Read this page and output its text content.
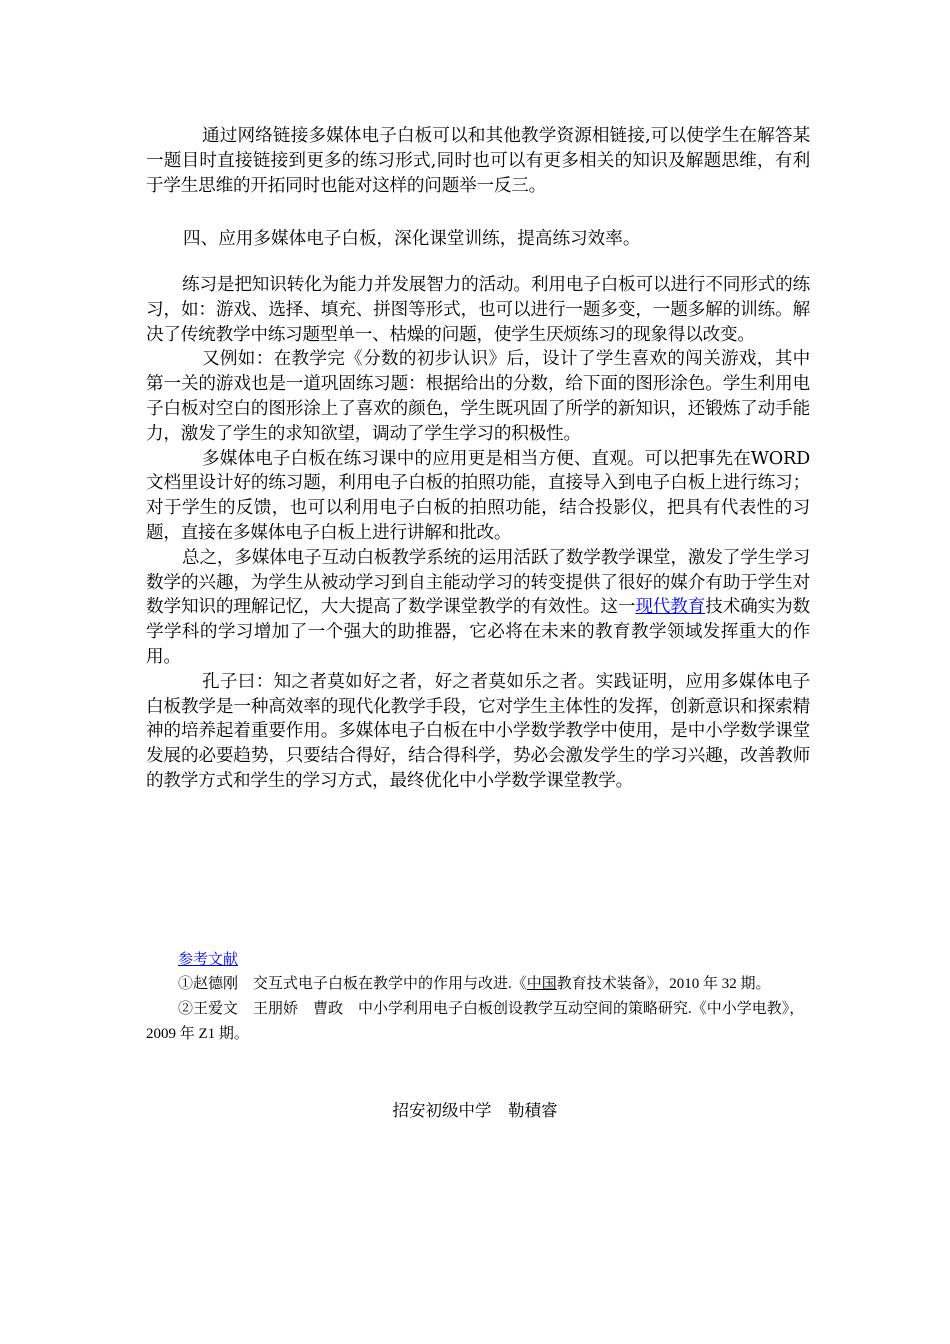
通过网络链接多媒体电子白板可以和其他教学资源相链接,可以使学生在解答某一题目时直接链接到更多的练习形式,同时也可以有更多相关的知识及解题思维，有利于学生思维的开拓同时也能对这样的问题举一反三。

四、应用多媒体电子白板，深化课堂训练，提高练习效率。

练习是把知识转化为能力并发展智力的活动。利用电子白板可以进行不同形式的练习，如：游戏、选择、填充、拼图等形式，也可以进行一题多变，一题多解的训练。解决了传统教学中练习题型单一、枯燥的问题，使学生厌烦练习的现象得以改变。

又例如：在教学完《分数的初步认识》后，设计了学生喜欢的闯关游戏，其中第一关的游戏也是一道巩固练习题：根据给出的分数，给下面的图形涂色。学生利用电子白板对空白的图形涂上了喜欢的颜色，学生既巩固了所学的新知识，还锻炼了动手能力，激发了学生的求知欲望，调动了学生学习的积极性。

多媒体电子白板在练习课中的应用更是相当方便、直观。可以把事先在WORD文档里设计好的练习题，利用电子白板的拍照功能，直接导入到电子白板上进行练习；对于学生的反馈，也可以利用电子白板的拍照功能，结合投影仪，把具有代表性的习题，直接在多媒体电子白板上进行讲解和批改。

总之，多媒体电子互动白板教学系统的运用活跃了数学教学课堂，激发了学生学习数学的兴趣，为学生从被动学习到自主能动学习的转变提供了很好的媒介有助于学生对数学知识的理解记忆，大大提高了数学课堂教学的有效性。这一现代教育技术确实为数学学科的学习增加了一个强大的助推器，它必将在未来的教育教学领域发挥重大的作用。

孔子曰：知之者莫如好之者，好之者莫如乐之者。实践证明，应用多媒体电子白板教学是一种高效率的现代化教学手段，它对学生主体性的发挥，创新意识和探索精神的培养起着重要作用。多媒体电子白板在中小学数学教学中使用，是中小学数学课堂发展的必要趋势，只要结合得好，结合得科学，势必会激发学生的学习兴趣，改善教师的教学方式和学生的学习方式，最终优化中小学数学课堂教学。

参考文献

①赵德刚　交互式电子白板在教学中的作用与改进.《中国教育技术装备》，2010 年 32 期。

②王爱文　王朋娇　曹政　中小学利用电子白板创设教学互动空间的策略研究.《中小学电教》，2009 年 Z1 期。

招安初级中学　勒積睿
